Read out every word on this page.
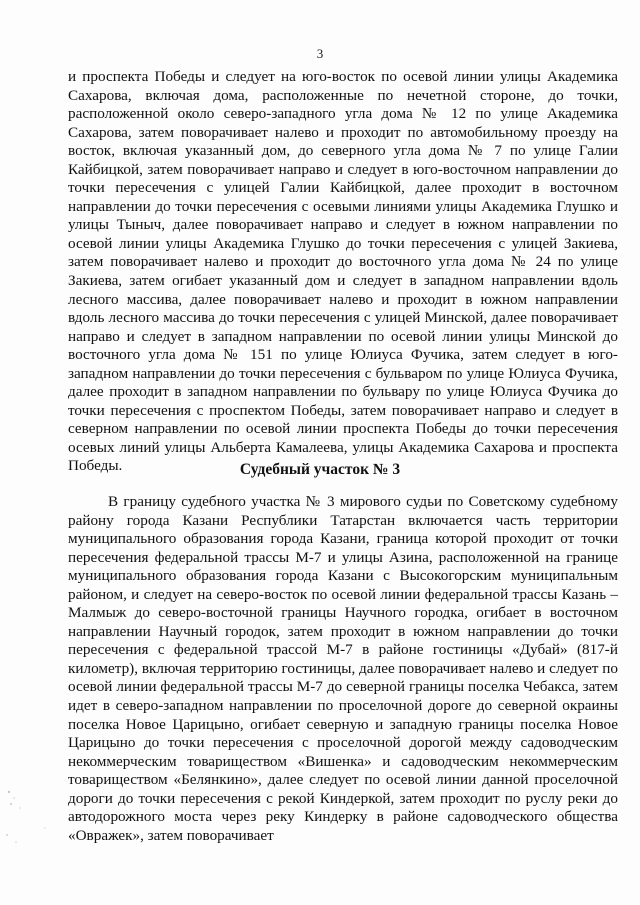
3
и проспекта Победы и следует на юго-восток по осевой линии улицы Академика Сахарова, включая дома, расположенные по нечетной стороне, до точки, расположенной около северо-западного угла дома № 12 по улице Академика Сахарова, затем поворачивает налево и проходит по автомобильному проезду на восток, включая указанный дом, до северного угла дома № 7 по улице Галии Кайбицкой, затем поворачивает направо и следует в юго-восточном направлении до точки пересечения с улицей Галии Кайбицкой, далее проходит в восточном направлении до точки пересечения с осевыми линиями улицы Академика Глушко и улицы Тыныч, далее поворачивает направо и следует в южном направлении по осевой линии улицы Академика Глушко до точки пересечения с улицей Закиева, затем поворачивает налево и проходит до восточного угла дома № 24 по улице Закиева, затем огибает указанный дом и следует в западном направлении вдоль лесного массива, далее поворачивает налево и проходит в южном направлении вдоль лесного массива до точки пересечения с улицей Минской, далее поворачивает направо и следует в западном направлении по осевой линии улицы Минской до восточного угла дома № 151 по улице Юлиуса Фучика, затем следует в юго-западном направлении до точки пересечения с бульваром по улице Юлиуса Фучика, далее проходит в западном направлении по бульвару по улице Юлиуса Фучика до точки пересечения с проспектом Победы, затем поворачивает направо и следует в северном направлении по осевой линии проспекта Победы до точки пересечения осевых линий улицы Альберта Камалеева, улицы Академика Сахарова и проспекта Победы.	Судебный участок № 3
В границу судебного участка № 3 мирового судьи по Советскому судебному району города Казани Республики Татарстан включается часть территории муниципального образования города Казани, граница которой проходит от точки пересечения федеральной трассы М-7 и улицы Азина, расположенной на границе муниципального образования города Казани с Высокогорским муниципальным районом, и следует на северо-восток по осевой линии федеральной трассы Казань – Малмыж до северо-восточной границы Научного городка, огибает в восточном направлении Научный городок, затем проходит в южном направлении до точки пересечения с федеральной трассой М-7 в районе гостиницы «Дубай» (817-й километр), включая территорию гостиницы, далее поворачивает налево и следует по осевой линии федеральной трассы М-7 до северной границы поселка Чебакса, затем идет в северо-западном направлении по проселочной дороге до северной окраины поселка Новое Царицыно, огибает северную и западную границы поселка Новое Царицыно до точки пересечения с проселочной дорогой между садоводческим некоммерческим товариществом «Вишенка» и садоводческим некоммерческим товариществом «Белянкино», далее следует по осевой линии данной проселочной дороги до точки пересечения с рекой Киндеркой, затем проходит по руслу реки до автодорожного моста через реку Киндерку в районе садоводческого общества «Овражек», затем поворачивает
